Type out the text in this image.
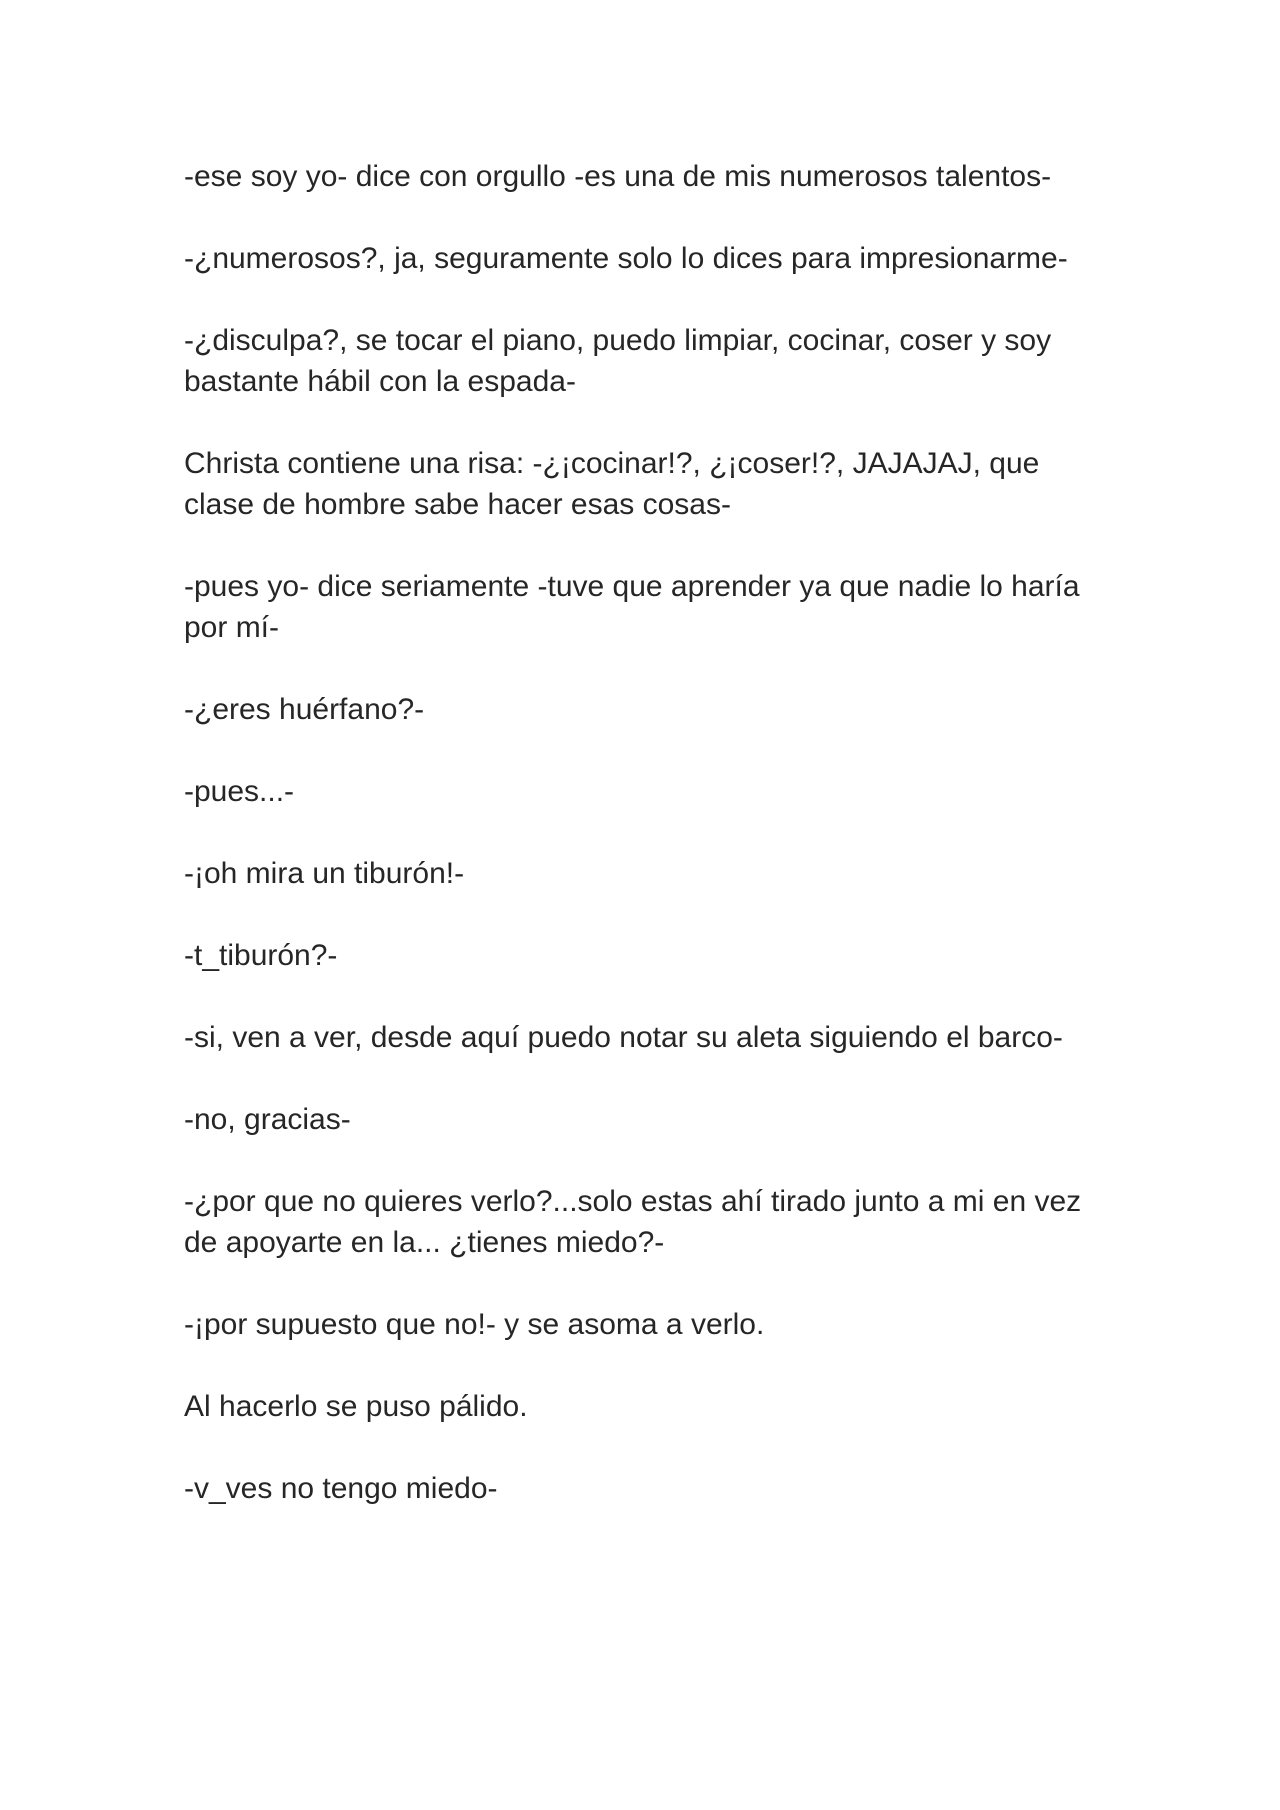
-ese soy yo- dice con orgullo -es una de mis numerosos talentos-

-¿numerosos?, ja, seguramente solo lo dices para impresionarme-

-¿disculpa?, se tocar el piano, puedo limpiar, cocinar, coser y soy bastante hábil con la espada-

Christa contiene una risa: -¿¡cocinar!?, ¿¡coser!?, JAJAJAJ, que clase de hombre sabe hacer esas cosas-

-pues yo- dice seriamente -tuve que aprender ya que nadie lo haría por mí-

-¿eres huérfano?-

-pues...-

-¡oh mira un tiburón!-

-t_tiburón?-

-si, ven a ver, desde aquí puedo notar su aleta siguiendo el barco-

-no, gracias-

-¿por que no quieres verlo?...solo estas ahí tirado junto a mi en vez de apoyarte en la... ¿tienes miedo?-

-¡por supuesto que no!- y se asoma a verlo.

Al hacerlo se puso pálido.

-v_ves no tengo miedo-
